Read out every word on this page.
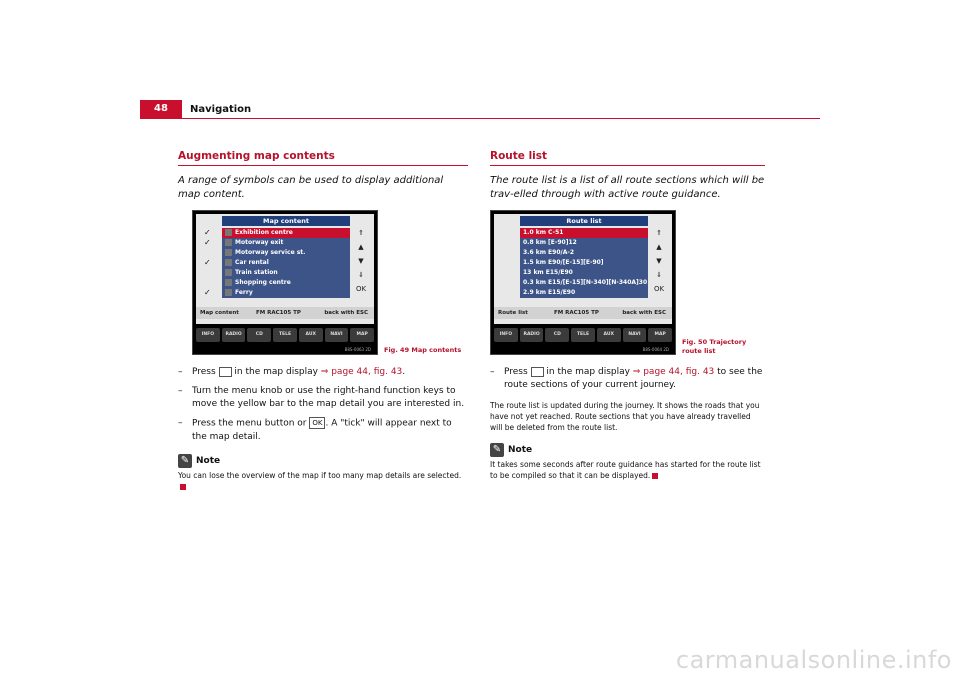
48	Navigation
Augmenting map contents
A range of symbols can be used to display additional map content.
Map content
✓	Exhibition centre
✓	Motorway exit
Motorway service st.
✓	Car rental
Train station
Shopping centre
✓	Ferry
⇑
▲
▼
⇓
OK
Map content	FM RAC105 TP	back with ESC
INFO	RADIO	CD	TELE	AUX	NAVI	MAP
B8S-0063 2D Fig. 49 Map contents
– Press  in the map display ⇒ page 44, fig. 43.
– Turn the menu knob or use the right-hand function keys to move the yellow bar to the map detail you are interested in.
– Press the menu button or OK . A "tick" will appear next to the map detail.
✎ Note
You can lose the overview of the map if too many map details are selected.
Route list
The route list is a list of all route sections which will be trav-elled through with active route guidance.
Route list
1.0 km C-51
0.8 km [E-90]12
3.6 km E90/A-2
1.5 km E90/[E-15][E-90]
13 km E15/E90
0.3 km E15/[E-15][N-340][N-340A]30
2.9 km E15/E90
⇑
▲
▼
⇓
OK
Route list	FM RAC105 TP	back with ESC
INFO	RADIO	CD	TELE	AUX	NAVI	MAP
B8S-0064 2D
Fig. 50 Trajectory route list
– Press  in the map display ⇒ page 44, fig. 43 to see the route sections of your current journey.
The route list is updated during the journey. It shows the roads that you have not yet reached. Route sections that you have already travelled will be deleted from the route list.
✎ Note
It takes some seconds after route guidance has started for the route list to be compiled so that it can be displayed.
carmanualsonline.info
